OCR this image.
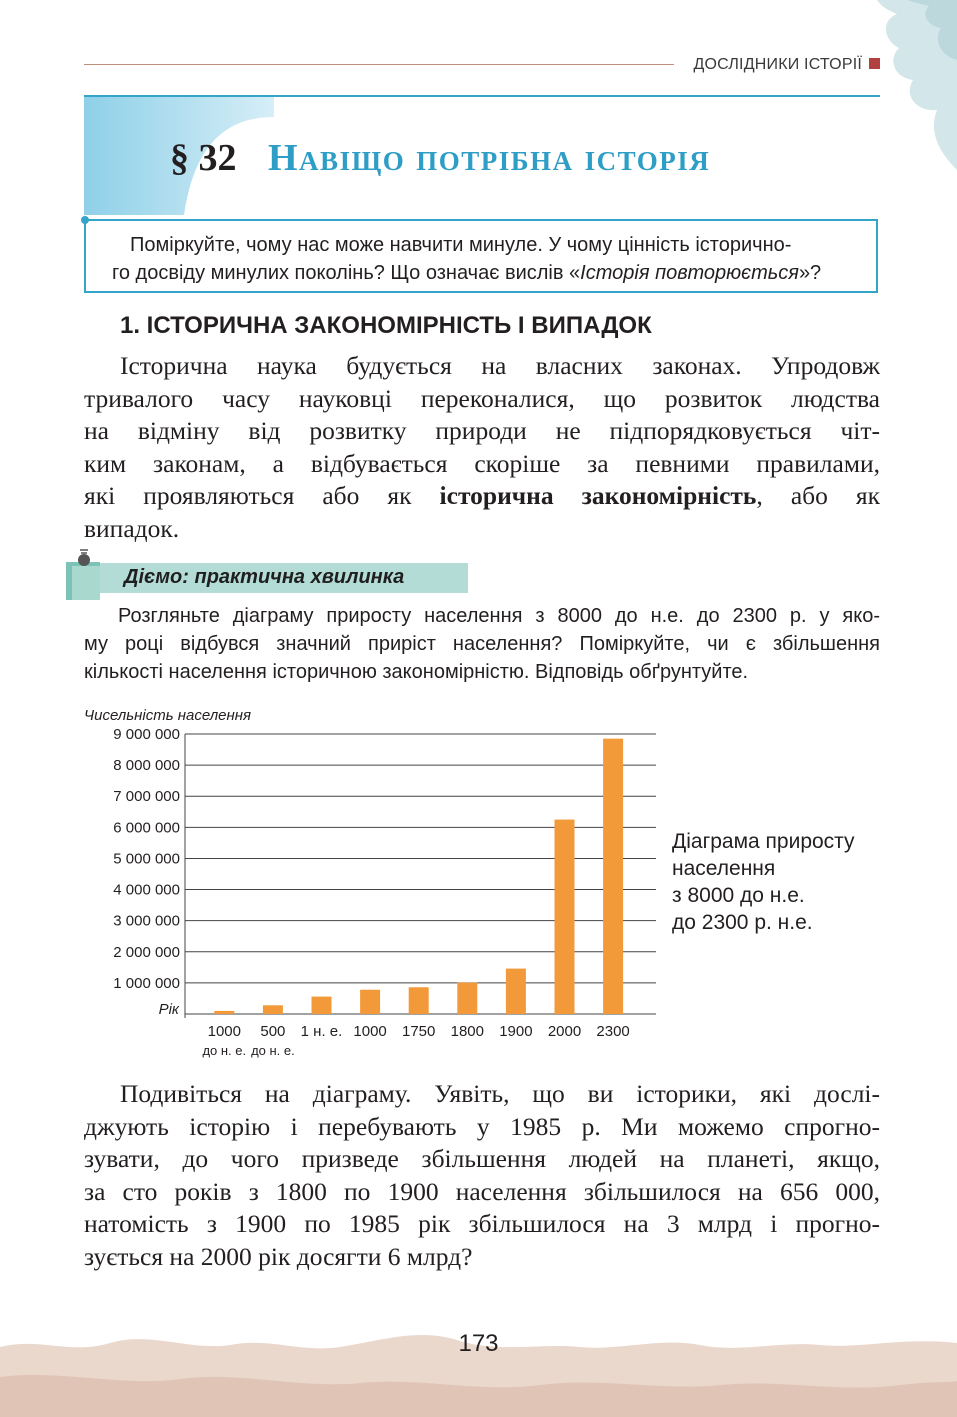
ДОСЛІДНИКИ ІСТОРІЇ
§ 32 Навіщо потрібна історія
Поміркуйте, чому нас може навчити минуле. У чому цінність історично-
го досвіду минулих поколінь? Що означає вислів «Історія повторюється»?
1. ІСТОРИЧНА ЗАКОНОМІРНІСТЬ І ВИПАДОК
Історична наука будується на власних законах. Упродовж
тривалого часу науковці переконалися, що розвиток людства
на відміну від розвитку природи не підпорядковується чіт-
ким законам, а відбувається скоріше за певними правилами,
які проявляються або як історична закономірність, або як
випадок.
Діємо: практична хвилинка
Розгляньте діаграму приросту населення з 8000 до н.е. до 2300 р. у яко-
му році відбувся значний приріст населення? Поміркуйте, чи є збільшення
кількості населення історичною закономірністю. Відповідь обґрунтуйте.
Чисельність населення
1 000 000
2 000 000
3 000 000
4 000 000
5 000 000
6 000 000
7 000 000
8 000 000
9 000 000
Рік
1000
до н. е.
500
до н. е.
1 н. е. 1000 1750 1800 1900 2000 2300
Діаграма приросту
населення
з 8000 до н.е.
до 2300 р. н.е.
Подивіться на діаграму. Уявіть, що ви історики, які дослі-
джують історію і перебувають у 1985 р. Ми можемо спрогно-
зувати, до чого призведе збільшення людей на планеті, якщо,
за сто років з 1800 по 1900 населення збільшилося на 656 000,
натомість з 1900 по 1985 рік збільшилося на 3 млрд і прогно-
зується на 2000 рік досягти 6 млрд?
173
